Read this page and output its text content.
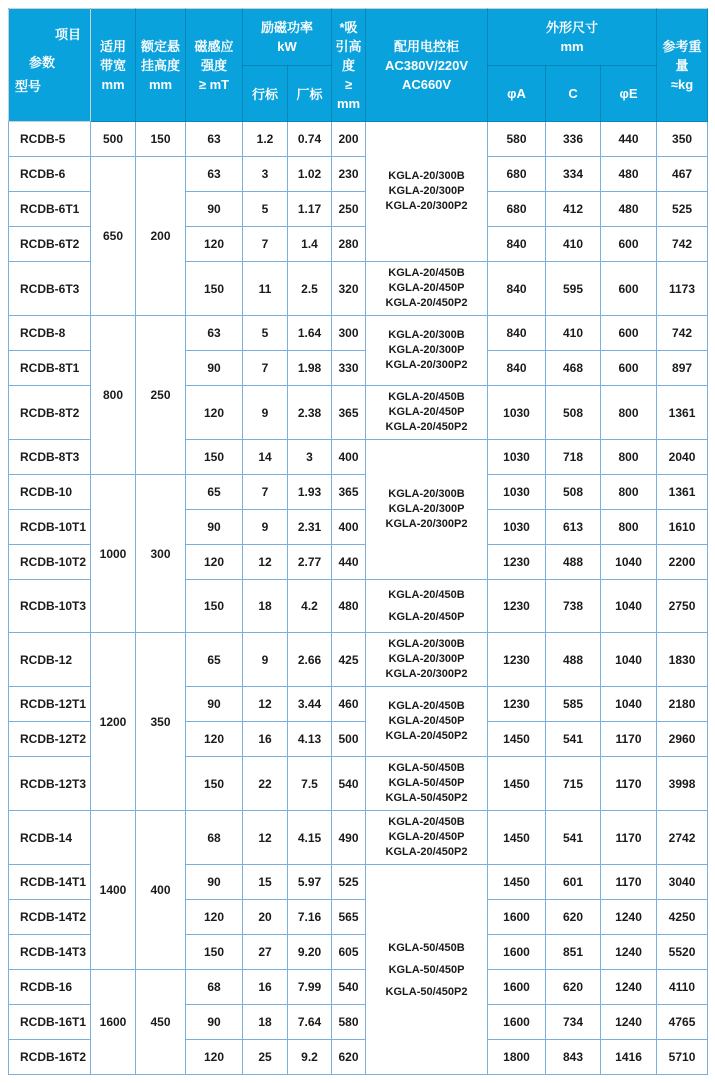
项目
参数
型号	适用
带宽
mm	额定悬
挂高度
mm	磁感应
强度
≥ mT	励磁功率
kW		*吸
引高
度
≥
mm	配用电控柜
AC380V/220V
AC660V	外形尺寸
mm			参考重
量
≈kg

				行标	厂标			φA	C	φE	
RCDB-5	500	150	63	1.2	0.74	200	KGLA-20/300B
KGLA-20/300P
KGLA-20/300P2	580	336	440	350
RCDB-6	650	200	63	3	1.02	230		680	334	480	467
RCDB-6T1			90	5	1.17	250		680	412	480	525
RCDB-6T2			120	7	1.4	280		840	410	600	742
RCDB-6T3			150	11	2.5	320	KGLA-20/450B
KGLA-20/450P
KGLA-20/450P2	840	595	600	1173
RCDB-8	800	250	63	5	1.64	300	KGLA-20/300B
KGLA-20/300P
KGLA-20/300P2	840	410	600	742
RCDB-8T1			90	7	1.98	330		840	468	600	897
RCDB-8T2			120	9	2.38	365	KGLA-20/450B
KGLA-20/450P
KGLA-20/450P2	1030	508	800	1361
RCDB-8T3			150	14	3	400	KGLA-20/300B
KGLA-20/300P
KGLA-20/300P2	1030	718	800	2040
RCDB-10	1000	300	65	7	1.93	365		1030	508	800	1361
RCDB-10T1			90	9	2.31	400		1030	613	800	1610
RCDB-10T2			120	12	2.77	440		1230	488	1040	2200
RCDB-10T3			150	18	4.2	480	KGLA-20/450B
KGLA-20/450P	1230	738	1040	2750
RCDB-12	1200	350	65	9	2.66	425	KGLA-20/300B
KGLA-20/300P
KGLA-20/300P2	1230	488	1040	1830
RCDB-12T1			90	12	3.44	460	KGLA-20/450B
KGLA-20/450P
KGLA-20/450P2	1230	585	1040	2180
RCDB-12T2			120	16	4.13	500		1450	541	1170	2960
RCDB-12T3			150	22	7.5	540	KGLA-50/450B
KGLA-50/450P
KGLA-50/450P2	1450	715	1170	3998
RCDB-14	1400	400	68	12	4.15	490	KGLA-20/450B
KGLA-20/450P
KGLA-20/450P2	1450	541	1170	2742
RCDB-14T1			90	15	5.97	525	KGLA-50/450B
KGLA-50/450P
KGLA-50/450P2	1450	601	1170	3040
RCDB-14T2			120	20	7.16	565		1600	620	1240	4250
RCDB-14T3			150	27	9.20	605		1600	851	1240	5520
RCDB-16	1600	450	68	16	7.99	540		1600	620	1240	4110
RCDB-16T1			90	18	7.64	580		1600	734	1240	4765
RCDB-16T2			120	25	9.2	620		1800	843	1416	5710
